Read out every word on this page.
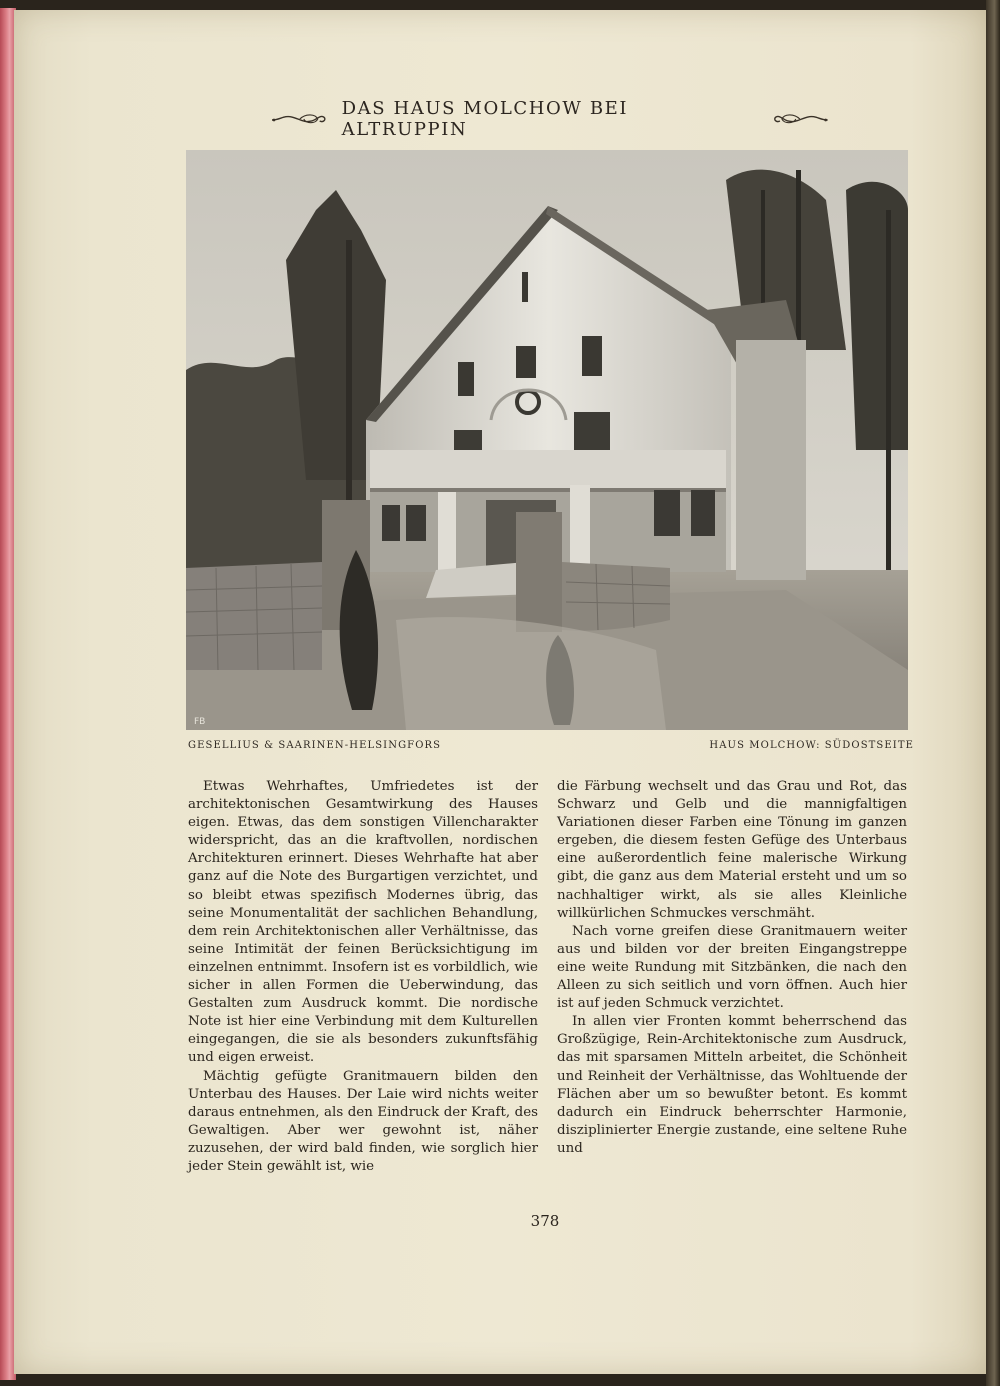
DAS HAUS MOLCHOW BEI ALTRUPPIN
FB
GESELLIUS & SAARINEN-HELSINGFORS	HAUS MOLCHOW: SÜDOSTSEITE

Etwas Wehrhaftes, Umfriedetes ist der architektonischen Gesamtwirkung des Hauses eigen. Etwas, das dem sonstigen Villencharakter widerspricht, das an die kraftvollen, nordischen Architekturen erinnert. Dieses Wehrhafte hat aber ganz auf die Note des Burgartigen verzichtet, und so bleibt etwas spezifisch Modernes übrig, das seine Monumentalität der sachlichen Behandlung, dem rein Architektonischen aller Verhältnisse, das seine Intimität der feinen Berücksichtigung im einzelnen entnimmt. Insofern ist es vorbildlich, wie sicher in allen Formen die Ueberwindung, das Gestalten zum Ausdruck kommt. Die nordische Note ist hier eine Verbindung mit dem Kulturellen eingegangen, die sie als besonders zukunftsfähig und eigen erweist.

Mächtig gefügte Granitmauern bilden den Unterbau des Hauses. Der Laie wird nichts weiter daraus entnehmen, als den Eindruck der Kraft, des Gewaltigen. Aber wer gewohnt ist, näher zuzusehen, der wird bald finden, wie sorglich hier jeder Stein gewählt ist, wie

die Färbung wechselt und das Grau und Rot, das Schwarz und Gelb und die mannigfaltigen Variationen dieser Farben eine Tönung im ganzen ergeben, die diesem festen Gefüge des Unterbaus eine außerordentlich feine malerische Wirkung gibt, die ganz aus dem Material ersteht und um so nachhaltiger wirkt, als sie alles Kleinliche willkürlichen Schmuckes verschmäht.

Nach vorne greifen diese Granitmauern weiter aus und bilden vor der breiten Eingangstreppe eine weite Rundung mit Sitzbänken, die nach den Alleen zu sich seitlich und vorn öffnen. Auch hier ist auf jeden Schmuck verzichtet.

In allen vier Fronten kommt beherrschend das Großzügige, Rein-Architektonische zum Ausdruck, das mit sparsamen Mitteln arbeitet, die Schönheit und Reinheit der Verhältnisse, das Wohltuende der Flächen aber um so bewußter betont. Es kommt dadurch ein Eindruck beherrschter Harmonie, disziplinierter Energie zustande, eine seltene Ruhe und

378
